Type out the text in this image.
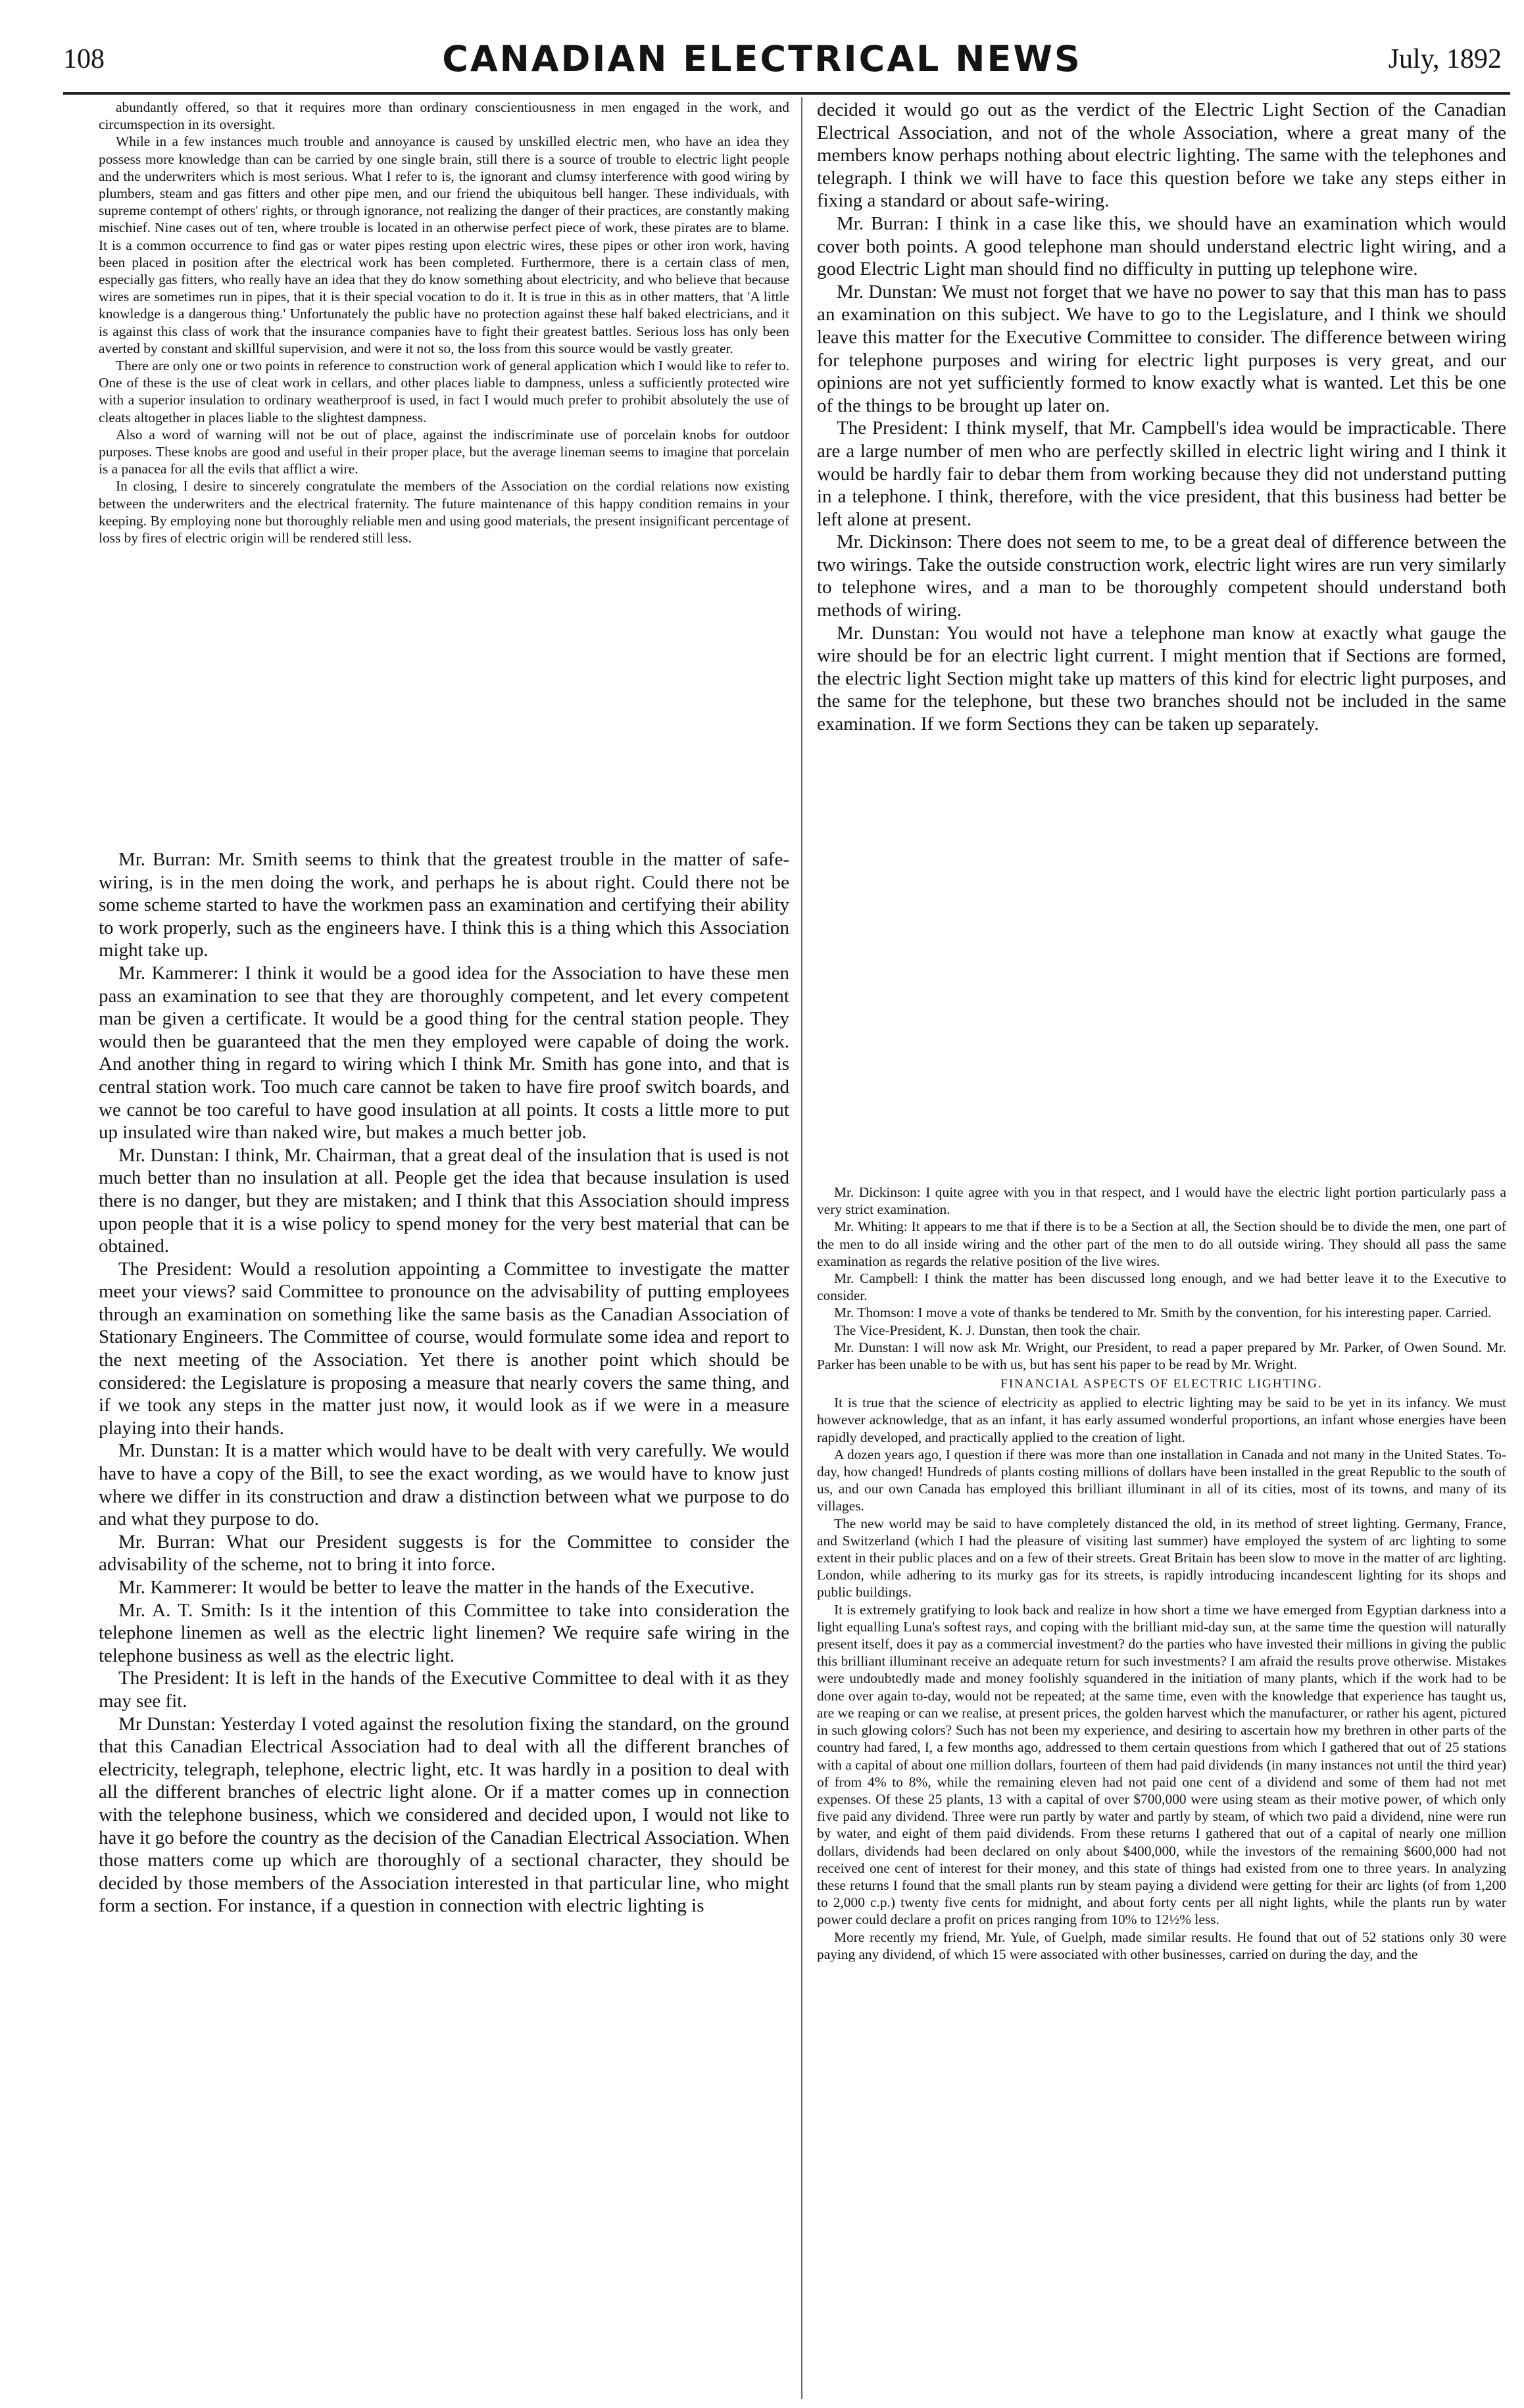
108	CANADIAN ELECTRICAL NEWS	July, 1892

abundantly offered, so that it requires more than ordinary conscientiousness in men engaged in the work, and circumspection in its oversight.

While in a few instances much trouble and annoyance is caused by unskilled electric men, who have an idea they possess more knowledge than can be carried by one single brain, still there is a source of trouble to electric light people and the underwriters which is most serious. What I refer to is, the ignorant and clumsy interference with good wiring by plumbers, steam and gas fitters and other pipe men, and our friend the ubiquitous bell hanger. These individuals, with supreme contempt of others' rights, or through ignorance, not realizing the danger of their practices, are constantly making mischief. Nine cases out of ten, where trouble is located in an otherwise perfect piece of work, these pirates are to blame. It is a common occurrence to find gas or water pipes resting upon electric wires, these pipes or other iron work, having been placed in position after the electrical work has been completed. Furthermore, there is a certain class of men, especially gas fitters, who really have an idea that they do know something about electricity, and who believe that because wires are sometimes run in pipes, that it is their special vocation to do it. It is true in this as in other matters, that 'A little knowledge is a dangerous thing.' Unfortunately the public have no protection against these half baked electricians, and it is against this class of work that the insurance companies have to fight their greatest battles. Serious loss has only been averted by constant and skillful supervision, and were it not so, the loss from this source would be vastly greater.

There are only one or two points in reference to construction work of general application which I would like to refer to. One of these is the use of cleat work in cellars, and other places liable to dampness, unless a sufficiently protected wire with a superior insulation to ordinary weatherproof is used, in fact I would much prefer to prohibit absolutely the use of cleats altogether in places liable to the slightest dampness.

Also a word of warning will not be out of place, against the indiscriminate use of porcelain knobs for outdoor purposes. These knobs are good and useful in their proper place, but the average lineman seems to imagine that porcelain is a panacea for all the evils that afflict a wire.

In closing, I desire to sincerely congratulate the members of the Association on the cordial relations now existing between the underwriters and the electrical fraternity. The future maintenance of this happy condition remains in your keeping. By employing none but thoroughly reliable men and using good materials, the present insignificant percentage of loss by fires of electric origin will be rendered still less.

Mr. Burran: Mr. Smith seems to think that the greatest trouble in the matter of safe-wiring, is in the men doing the work, and perhaps he is about right. Could there not be some scheme started to have the workmen pass an examination and certifying their ability to work properly, such as the engineers have. I think this is a thing which this Association might take up.

Mr. Kammerer: I think it would be a good idea for the Association to have these men pass an examination to see that they are thoroughly competent, and let every competent man be given a certificate. It would be a good thing for the central station people. They would then be guaranteed that the men they employed were capable of doing the work. And another thing in regard to wiring which I think Mr. Smith has gone into, and that is central station work. Too much care cannot be taken to have fire proof switch boards, and we cannot be too careful to have good insulation at all points. It costs a little more to put up insulated wire than naked wire, but makes a much better job.

Mr. Dunstan: I think, Mr. Chairman, that a great deal of the insulation that is used is not much better than no insulation at all. People get the idea that because insulation is used there is no danger, but they are mistaken; and I think that this Association should impress upon people that it is a wise policy to spend money for the very best material that can be obtained.

The President: Would a resolution appointing a Committee to investigate the matter meet your views? said Committee to pronounce on the advisability of putting employees through an examination on something like the same basis as the Canadian Association of Stationary Engineers. The Committee of course, would formulate some idea and report to the next meeting of the Association. Yet there is another point which should be considered: the Legislature is proposing a measure that nearly covers the same thing, and if we took any steps in the matter just now, it would look as if we were in a measure playing into their hands.

Mr. Dunstan: It is a matter which would have to be dealt with very carefully. We would have to have a copy of the Bill, to see the exact wording, as we would have to know just where we differ in its construction and draw a distinction between what we purpose to do and what they purpose to do.

Mr. Burran: What our President suggests is for the Committee to consider the advisability of the scheme, not to bring it into force.

Mr. Kammerer: It would be better to leave the matter in the hands of the Executive.

Mr. A. T. Smith: Is it the intention of this Committee to take into consideration the telephone linemen as well as the electric light linemen? We require safe wiring in the telephone business as well as the electric light.

The President: It is left in the hands of the Executive Committee to deal with it as they may see fit.

Mr Dunstan: Yesterday I voted against the resolution fixing the standard, on the ground that this Canadian Electrical Association had to deal with all the different branches of electricity, telegraph, telephone, electric light, etc. It was hardly in a position to deal with all the different branches of electric light alone. Or if a matter comes up in connection with the telephone business, which we considered and decided upon, I would not like to have it go before the country as the decision of the Canadian Electrical Association. When those matters come up which are thoroughly of a sectional character, they should be decided by those members of the Association interested in that particular line, who might form a section. For instance, if a question in connection with electric lighting is

decided it would go out as the verdict of the Electric Light Section of the Canadian Electrical Association, and not of the whole Association, where a great many of the members know perhaps nothing about electric lighting. The same with the telephones and telegraph. I think we will have to face this question before we take any steps either in fixing a standard or about safe-wiring.

Mr. Burran: I think in a case like this, we should have an examination which would cover both points. A good telephone man should understand electric light wiring, and a good Electric Light man should find no difficulty in putting up telephone wire.

Mr. Dunstan: We must not forget that we have no power to say that this man has to pass an examination on this subject. We have to go to the Legislature, and I think we should leave this matter for the Executive Committee to consider. The difference between wiring for telephone purposes and wiring for electric light purposes is very great, and our opinions are not yet sufficiently formed to know exactly what is wanted. Let this be one of the things to be brought up later on.

The President: I think myself, that Mr. Campbell's idea would be impracticable. There are a large number of men who are perfectly skilled in electric light wiring and I think it would be hardly fair to debar them from working because they did not understand putting in a telephone. I think, therefore, with the vice president, that this business had better be left alone at present.

Mr. Dickinson: There does not seem to me, to be a great deal of difference between the two wirings. Take the outside construction work, electric light wires are run very similarly to telephone wires, and a man to be thoroughly competent should understand both methods of wiring.

Mr. Dunstan: You would not have a telephone man know at exactly what gauge the wire should be for an electric light current. I might mention that if Sections are formed, the electric light Section might take up matters of this kind for electric light purposes, and the same for the telephone, but these two branches should not be included in the same examination. If we form Sections they can be taken up separately.

Mr. Dickinson: I quite agree with you in that respect, and I would have the electric light portion particularly pass a very strict examination.

Mr. Whiting: It appears to me that if there is to be a Section at all, the Section should be to divide the men, one part of the men to do all inside wiring and the other part of the men to do all outside wiring. They should all pass the same examination as regards the relative position of the live wires.

Mr. Campbell: I think the matter has been discussed long enough, and we had better leave it to the Executive to consider.

Mr. Thomson: I move a vote of thanks be tendered to Mr. Smith by the convention, for his interesting paper. Carried.

The Vice-President, K. J. Dunstan, then took the chair.

Mr. Dunstan: I will now ask Mr. Wright, our President, to read a paper prepared by Mr. Parker, of Owen Sound. Mr. Parker has been unable to be with us, but has sent his paper to be read by Mr. Wright.

FINANCIAL ASPECTS OF ELECTRIC LIGHTING.

It is true that the science of electricity as applied to electric lighting may be said to be yet in its infancy. We must however acknowledge, that as an infant, it has early assumed wonderful proportions, an infant whose energies have been rapidly developed, and practically applied to the creation of light.

A dozen years ago, I question if there was more than one installation in Canada and not many in the United States. To-day, how changed! Hundreds of plants costing millions of dollars have been installed in the great Republic to the south of us, and our own Canada has employed this brilliant illuminant in all of its cities, most of its towns, and many of its villages.

The new world may be said to have completely distanced the old, in its method of street lighting. Germany, France, and Switzerland (which I had the pleasure of visiting last summer) have employed the system of arc lighting to some extent in their public places and on a few of their streets. Great Britain has been slow to move in the matter of arc lighting. London, while adhering to its murky gas for its streets, is rapidly introducing incandescent lighting for its shops and public buildings.

It is extremely gratifying to look back and realize in how short a time we have emerged from Egyptian darkness into a light equalling Luna's softest rays, and coping with the brilliant mid-day sun, at the same time the question will naturally present itself, does it pay as a commercial investment? do the parties who have invested their millions in giving the public this brilliant illuminant receive an adequate return for such investments? I am afraid the results prove otherwise. Mistakes were undoubtedly made and money foolishly squandered in the initiation of many plants, which if the work had to be done over again to-day, would not be repeated; at the same time, even with the knowledge that experience has taught us, are we reaping or can we realise, at present prices, the golden harvest which the manufacturer, or rather his agent, pictured in such glowing colors? Such has not been my experience, and desiring to ascertain how my brethren in other parts of the country had fared, I, a few months ago, addressed to them certain questions from which I gathered that out of 25 stations with a capital of about one million dollars, fourteen of them had paid dividends (in many instances not until the third year) of from 4% to 8%, while the remaining eleven had not paid one cent of a dividend and some of them had not met expenses. Of these 25 plants, 13 with a capital of over $700,000 were using steam as their motive power, of which only five paid any dividend. Three were run partly by water and partly by steam, of which two paid a dividend, nine were run by water, and eight of them paid dividends. From these returns I gathered that out of a capital of nearly one million dollars, dividends had been declared on only about $400,000, while the investors of the remaining $600,000 had not received one cent of interest for their money, and this state of things had existed from one to three years. In analyzing these returns I found that the small plants run by steam paying a dividend were getting for their arc lights (of from 1,200 to 2,000 c.p.) twenty five cents for midnight, and about forty cents per all night lights, while the plants run by water power could declare a profit on prices ranging from 10% to 12½% less.

More recently my friend, Mr. Yule, of Guelph, made similar results. He found that out of 52 stations only 30 were paying any dividend, of which 15 were associated with other businesses, carried on during the day, and the
